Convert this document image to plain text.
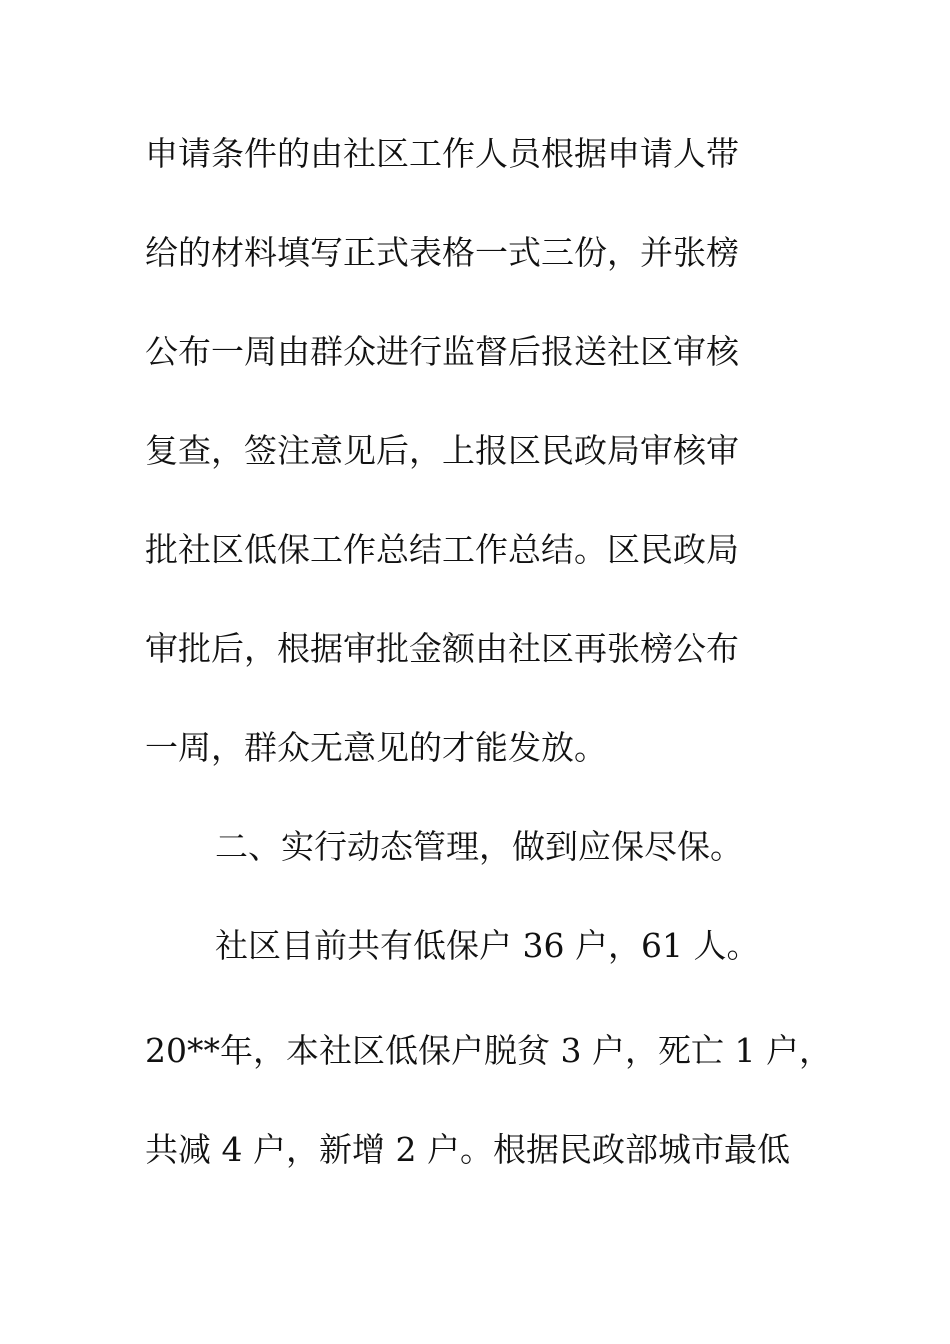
申请条件的由社区工作人员根据申请人带
给的材料填写正式表格一式三份，并张榜
公布一周由群众进行监督后报送社区审核
复查，签注意见后，上报区民政局审核审
批社区低保工作总结工作总结。区民政局
审批后，根据审批金额由社区再张榜公布
一周，群众无意见的才能发放。
二、实行动态管理，做到应保尽保。
社区目前共有低保户 36 户，61 人。
20**年，本社区低保户脱贫 3 户，死亡 1 户，
共减 4 户，新增 2 户。根据民政部城市最低
